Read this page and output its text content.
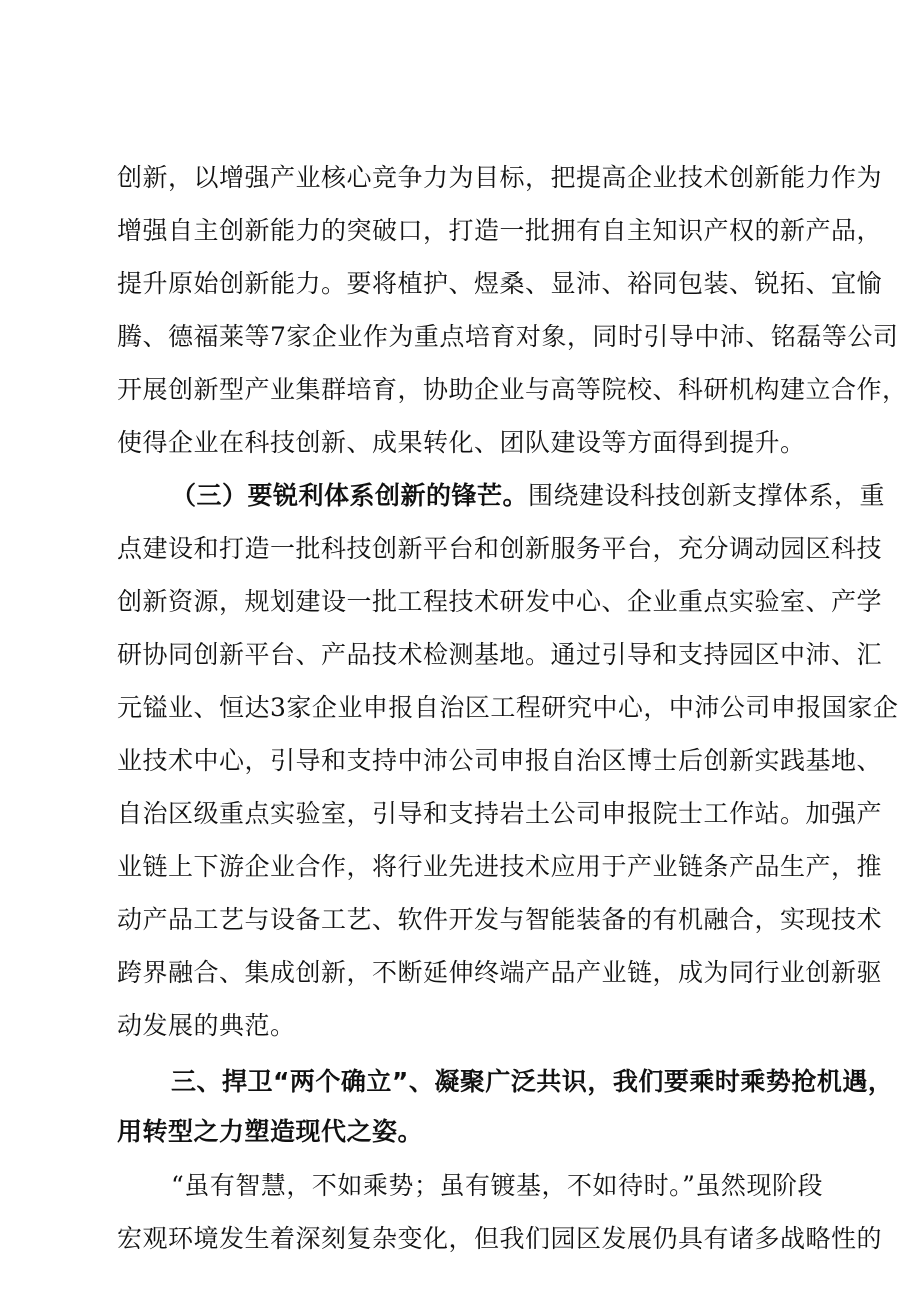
创新，以增强产业核心竞争力为目标，把提高企业技术创新能力作为
增强自主创新能力的突破口，打造一批拥有自主知识产权的新产品，
提升原始创新能力。要将植护、煜桑、显沛、裕同包装、锐拓、宜愉
腾、德福莱等7家企业作为重点培育对象，同时引导中沛、铭磊等公司
开展创新型产业集群培育，协助企业与高等院校、科研机构建立合作，
使得企业在科技创新、成果转化、团队建设等方面得到提升。
（三）要锐利体系创新的锋芒。围绕建设科技创新支撑体系，重
点建设和打造一批科技创新平台和创新服务平台，充分调动园区科技
创新资源，规划建设一批工程技术研发中心、企业重点实验室、产学
研协同创新平台、产品技术检测基地。通过引导和支持园区中沛、汇
元镒业、恒达3家企业申报自治区工程研究中心，中沛公司申报国家企
业技术中心，引导和支持中沛公司申报自治区博士后创新实践基地、
自治区级重点实验室，引导和支持岩土公司申报院士工作站。加强产
业链上下游企业合作，将行业先进技术应用于产业链条产品生产，推
动产品工艺与设备工艺、软件开发与智能装备的有机融合，实现技术
跨界融合、集成创新，不断延伸终端产品产业链，成为同行业创新驱
动发展的典范。
三、捍卫“两个确立”、凝聚广泛共识，我们要乘时乘势抢机遇，
用转型之力塑造现代之姿。
“虽有智慧，不如乘势；虽有镀基，不如待时。”虽然现阶段
宏观环境发生着深刻复杂变化，但我们园区发展仍具有诸多战略性的
